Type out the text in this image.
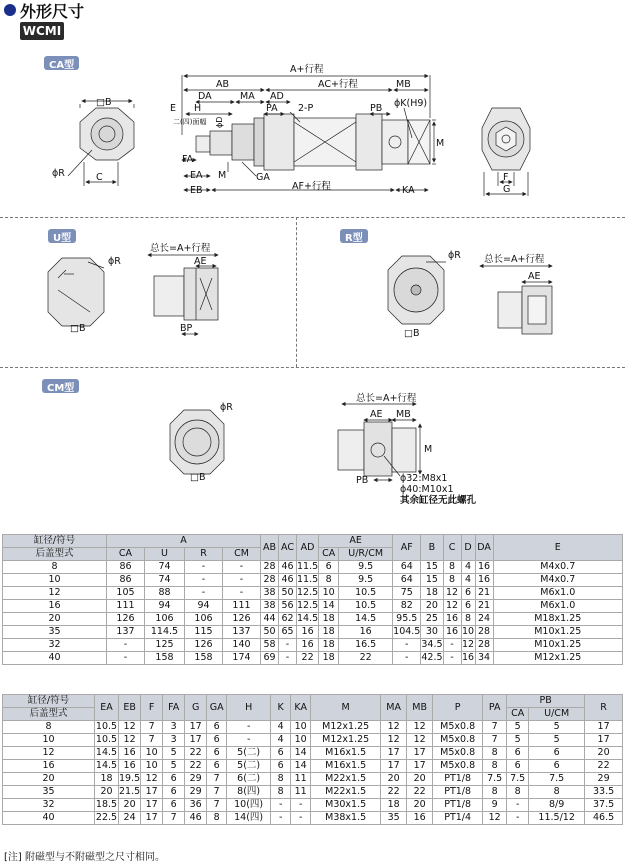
外形尺寸
WCMI
CA型
U型	R型
CM型
□B
ϕR	C
A+行程
AB	AC+行程	MB
DA	MA AD
E H	PA 2-P	PB ϕK(H9)
二(四)面幅 ϕD
FA
EA M	GA
EB	AF+行程	KA
M
F
G
ϕR
□B
总长=A+行程
AE
BP
ϕR
□B
总长=A+行程
AE
ϕR
□B
总长=A+行程
AE MB
M
PB	ϕ32:M8x1
ϕ40:M10x1
其余缸径无此螺孔
缸径/符号	A				AB	AC	AD	AE		AF	B	C	D	DA	E
后盖型式	CA	U	R	CM				CA	U/R/CM						
8	86	74	-	-	28	46	11.5	6	9.5	64	15	8	4	16	M4x0.7
10	86	74	-	-	28	46	11.5	8	9.5	64	15	8	4	16	M4x0.7
12	105	88	-	-	38	50	12.5	10	10.5	75	18	12	6	21	M6x1.0
16	111	94	94	111	38	56	12.5	14	10.5	82	20	12	6	21	M6x1.0
20	126	106	106	126	44	62	14.5	18	14.5	95.5	25	16	8	24	M18x1.25
35	137	114.5	115	137	50	65	16	18	16	104.5	30	16	10	28	M10x1.25
32	-	125	126	140	58	-	16	18	16.5	-	34.5	-	12	28	M10x1.25
40	-	158	158	174	69	-	22	18	22	-	42.5	-	16	34	M12x1.25
缸径/符号	EA	EB	F	FA	G	GA	H	K	KA	M	MA	MB	P	PA	PB		R
后盖型式															CA	U/CM	
8	10.5	12	7	3	17	6	-	4	10	M12x1.25	12	12	M5x0.8	7	5	5	17
10	10.5	12	7	3	17	6	-	4	10	M12x1.25	12	12	M5x0.8	7	5	5	17
12	14.5	16	10	5	22	6	5(二)	6	14	M16x1.5	17	17	M5x0.8	8	6	6	20
16	14.5	16	10	5	22	6	5(二)	6	14	M16x1.5	17	17	M5x0.8	8	6	6	22
20	18	19.5	12	6	29	7	6(二)	8	11	M22x1.5	20	20	PT1/8	7.5	7.5	7.5	29
35	20	21.5	17	6	29	7	8(四)	8	11	M22x1.5	22	22	PT1/8	8	8	8	33.5
32	18.5	20	17	6	36	7	10(四)	-	-	M30x1.5	18	20	PT1/8	9	-	8/9	37.5
40	22.5	24	17	7	46	8	14(四)	-	-	M38x1.5	35	16	PT1/4	12	-	11.5/12	46.5
[注] 附磁型与不附磁型之尺寸相同。
